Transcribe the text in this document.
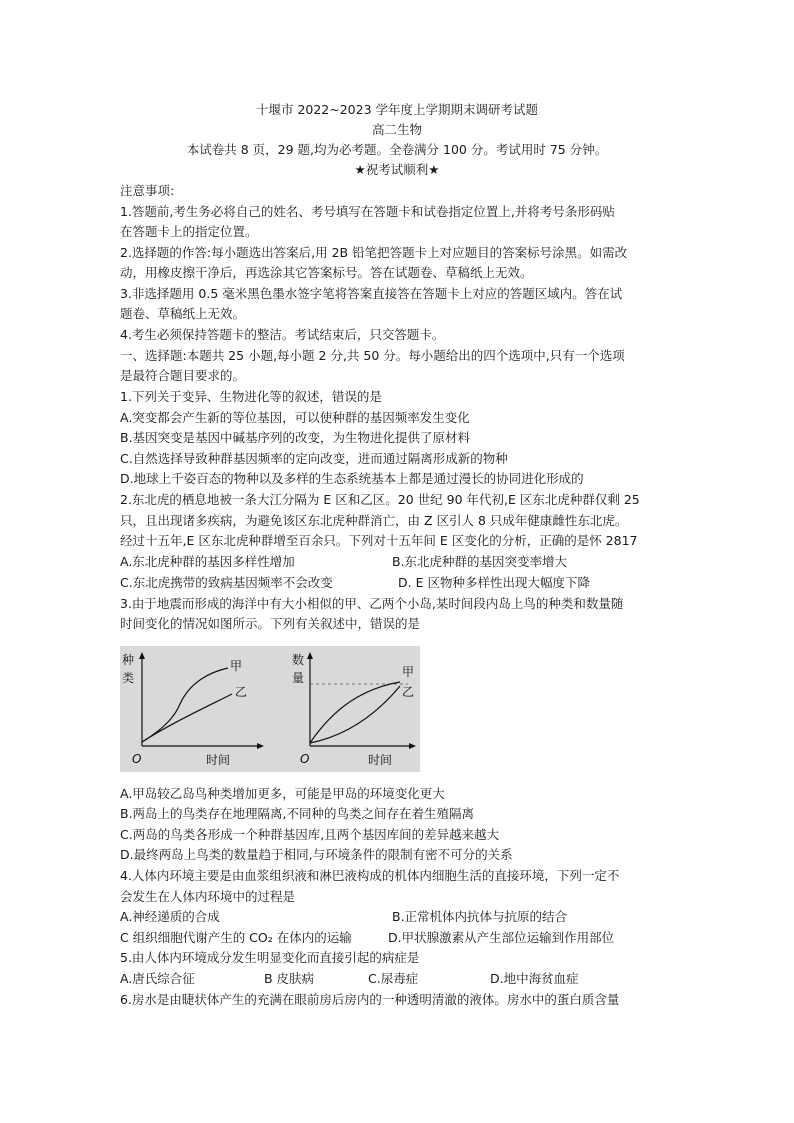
十堰市 2022~2023 学年度上学期期末调研考试题
高二生物
本试卷共 8 页，29 题,均为必考题。全卷满分 100 分。考试用时 75 分钟。
★祝考试顺利★
注意事项:
1.答题前,考生务必将自己的姓名、考号填写在答题卡和试卷指定位置上,并将考号条形码贴
在答题卡上的指定位置。
2.选择题的作答:每小题选出答案后,用 2B 铅笔把答题卡上对应题目的答案标号涂黑。如需改
动，用橡皮擦干净后，再选涂其它答案标号。答在试题卷、草稿纸上无效。
3.非选择题用 0.5 毫米黑色墨水签字笔将答案直接答在答题卡上对应的答题区域内。答在试
题卷、草稿纸上无效。
4.考生必须保持答题卡的整洁。考试结束后，只交答题卡。
一、选择题:本题共 25 小题,每小题 2 分,共 50 分。每小题给出的四个选项中,只有一个选项
是最符合题目要求的。
1.下列关于变异、生物进化等的叙述，错误的是
A.突变都会产生新的等位基因，可以使种群的基因频率发生变化
B.基因突变是基因中碱基序列的改变，为生物进化提供了原材料
C.自然选择导致种群基因频率的定向改变，进而通过隔离形成新的物种
D.地球上千姿百态的物种以及多样的生态系统基本上都是通过漫长的协同进化形成的
2.东北虎的栖息地被一条大江分隔为 E 区和乙区。20 世纪 90 年代初,E 区东北虎种群仅剩 25
只，且出现诸多疾病，为避免该区东北虎种群消亡，由 Z 区引人 8 只成年健康雌性东北虎。
经过十五年,E 区东北虎种群增至百余只。下列对十五年间 E 区变化的分析，正确的是怀 2817
A.东北虎种群的基因多样性增加	B.东北虎种群的基因突变率增大
C.东北虎携带的致病基因频率不会改变	D. E 区物种多样性出现大幅度下降
3.由于地震而形成的海洋中有大小相似的甲、乙两个小岛,某时间段内岛上鸟的种类和数量随
时间变化的情况如图所示。下列有关叙述中，错误的是
种
类
O	时间
甲
乙
数
量
O	时间
甲
乙
A.甲岛较乙岛鸟种类增加更多，可能是甲岛的环境变化更大
B.两岛上的鸟类存在地理隔离,不同种的鸟类之间存在着生殖隔离
C.两岛的鸟类各形成一个种群基因库,且两个基因库间的差异越来越大
D.最终两岛上鸟类的数量趋于相同,与环境条件的限制有密不可分的关系
4.人体内环境主要是由血浆组织液和淋巴液构成的机体内细胞生活的直接环境，下列一定不
会发生在人体内环境中的过程是
A.神经递质的合成	B.正常机体内抗体与抗原的结合
C 组织细胞代谢产生的 CO₂ 在体内的运输	D.甲状腺激素从产生部位运输到作用部位
5.由人体内环境成分发生明显变化而直接引起的病症是
A.唐氏综合征	B 皮肤病	C.尿毒症	D.地中海贫血症
6.房水是由睫状体产生的充满在眼前房后房内的一种透明清澈的液体。房水中的蛋白质含量
